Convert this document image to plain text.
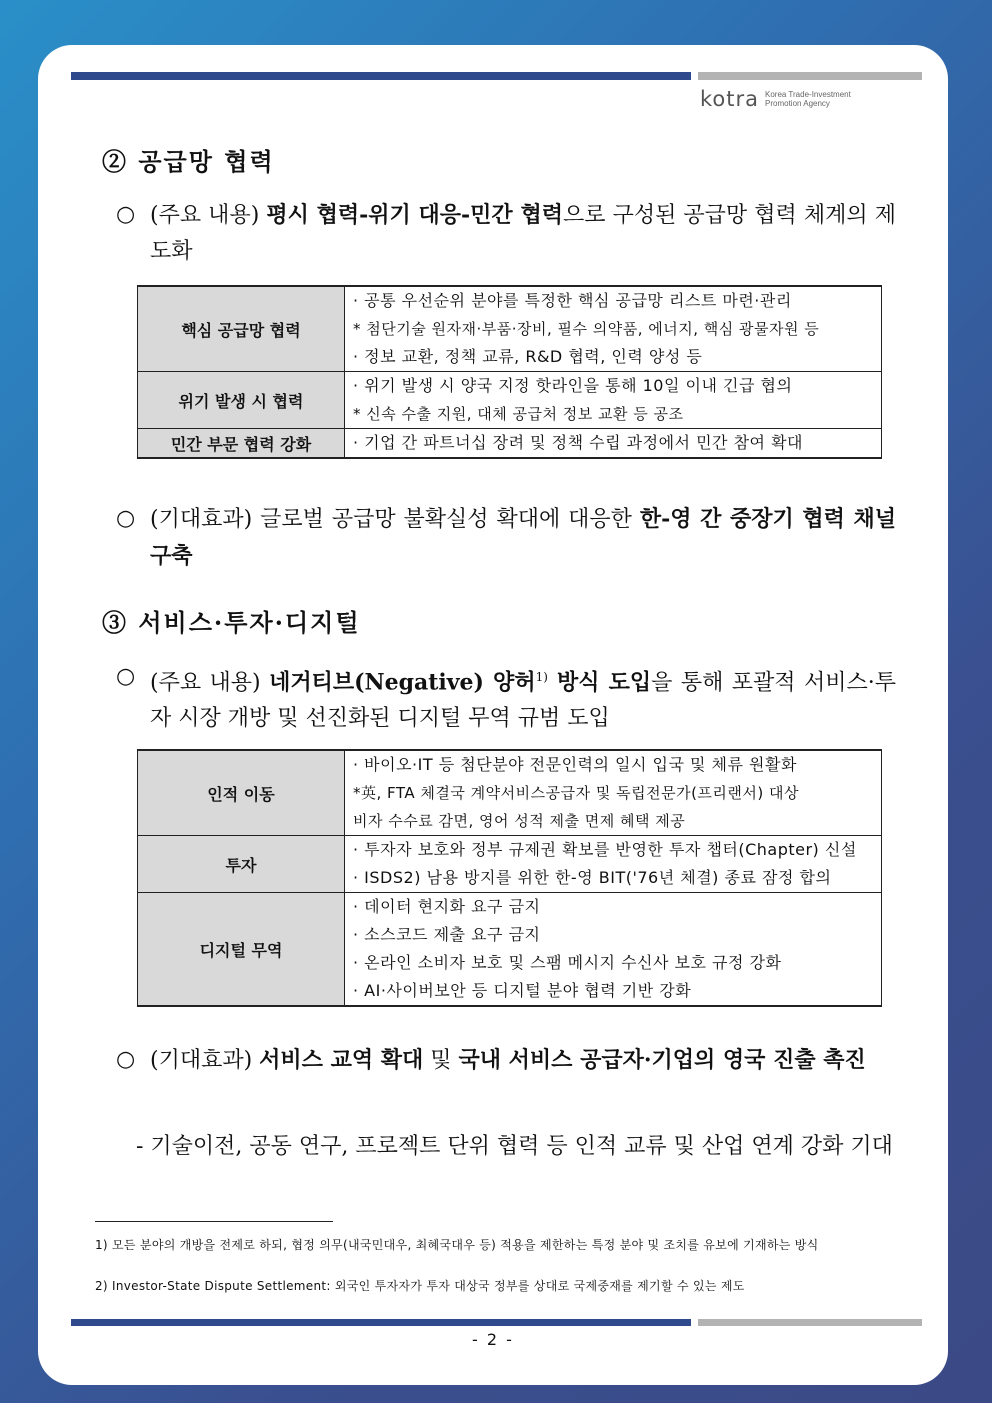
kotra Korea Trade-Investment
Promotion Agency
② 공급망 협력
○ (주요 내용) 평시 협력-위기 대응-민간 협력으로 구성된 공급망 협력 체계의 제도화
핵심 공급망 협력	· 공통 우선순위 분야를 특정한 핵심 공급망 리스트 마련·관리
* 첨단기술 원자재·부품·장비, 필수 의약품, 에너지, 핵심 광물자원 등
· 정보 교환, 정책 교류, R&D 협력, 인력 양성 등

위기 발생 시 협력	· 위기 발생 시 양국 지정 핫라인을 통해 10일 이내 긴급 협의
* 신속 수출 지원, 대체 공급처 정보 교환 등 공조

민간 부문 협력 강화	· 기업 간 파트너십 장려 및 정책 수립 과정에서 민간 참여 확대
○ (기대효과) 글로벌 공급망 불확실성 확대에 대응한 한-영 간 중장기 협력 채널 구축
③ 서비스·투자·디지털
○ (주요 내용) 네거티브(Negative) 양허$^{1)}$ 방식 도입을 통해 포괄적 서비스·투자 시장 개방 및 선진화된 디지털 무역 규범 도입
인적 이동	· 바이오·IT 등 첨단분야 전문인력의 일시 입국 및 체류 원활화
*英, FTA 체결국 계약서비스공급자 및 독립전문가(프리랜서) 대상
비자 수수료 감면, 영어 성적 제출 면제 혜택 제공

투자	· 투자자 보호와 정부 규제권 확보를 반영한 투자 챕터(Chapter) 신설
· ISDS2) 남용 방지를 위한 한-영 BIT('76년 체결) 종료 잠정 합의

디지털 무역	· 데이터 현지화 요구 금지
· 소스코드 제출 요구 금지
· 온라인 소비자 보호 및 스팸 메시지 수신사 보호 규정 강화
· AI·사이버보안 등 디지털 분야 협력 기반 강화
○ (기대효과) 서비스 교역 확대 및 국내 서비스 공급자·기업의 영국 진출 촉진
- 기술이전, 공동 연구, 프로젝트 단위 협력 등 인적 교류 및 산업 연계 강화 기대
1) 모든 분야의 개방을 전제로 하되, 협정 의무(내국민대우, 최혜국대우 등) 적용을 제한하는 특정 분야 및 조치를 유보에 기재하는 방식
2) Investor-State Dispute Settlement: 외국인 투자자가 투자 대상국 정부를 상대로 국제중재를 제기할 수 있는 제도
- 2 -
